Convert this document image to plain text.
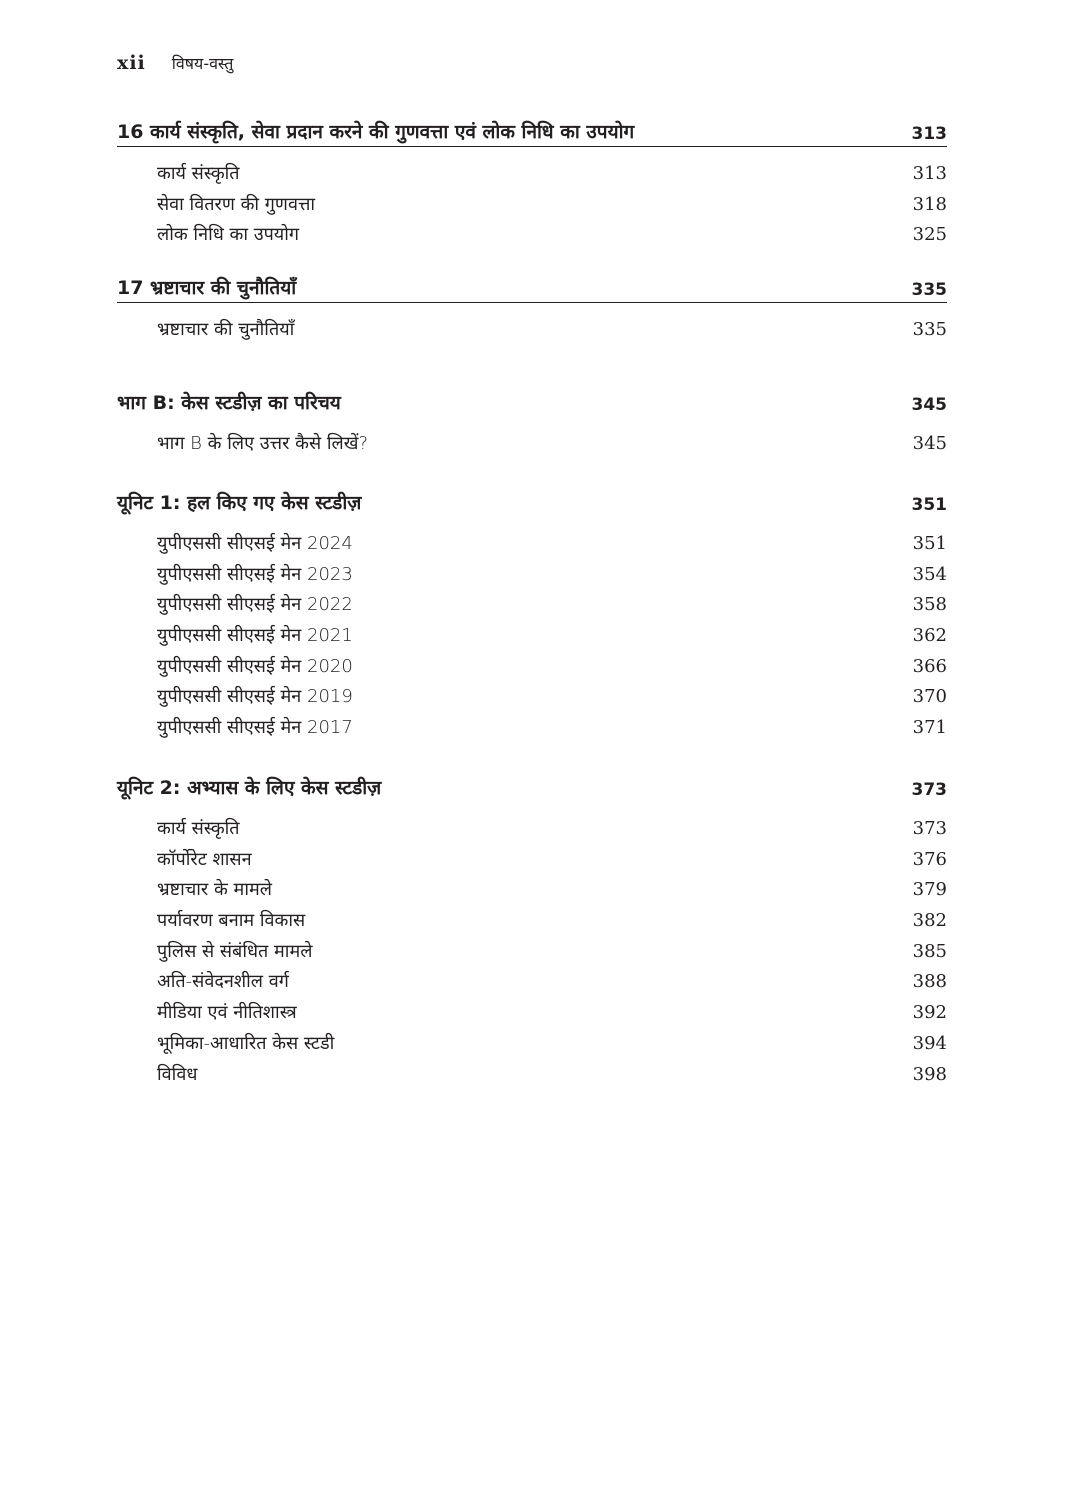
xii विषय-वस्तु
16 कार्य संस्कृति, सेवा प्रदान करने की गुणवत्ता एवं लोक निधि का उपयोग	313
कार्य संस्कृति	313
सेवा वितरण की गुणवत्ता	318
लोक निधि का उपयोग	325
17 भ्रष्टाचार की चुनौतियाँ	335
भ्रष्टाचार की चुनौतियाँ	335
भाग B: केस स्टडीज़ का परिचय	345
भाग B के लिए उत्तर कैसे लिखें?	345
यूनिट 1: हल किए गए केस स्टडीज़	351
युपीएससी सीएसई मेन 2024	351
युपीएससी सीएसई मेन 2023	354
युपीएससी सीएसई मेन 2022	358
युपीएससी सीएसई मेन 2021	362
युपीएससी सीएसई मेन 2020	366
युपीएससी सीएसई मेन 2019	370
युपीएससी सीएसई मेन 2017	371
यूनिट 2: अभ्यास के लिए केस स्टडीज़	373
कार्य संस्कृति	373
कॉर्पोरेट शासन	376
भ्रष्टाचार के मामले	379
पर्यावरण बनाम विकास	382
पुलिस से संबंधित मामले	385
अति-संवेदनशील वर्ग	388
मीडिया एवं नीतिशास्त्र	392
भूमिका-आधारित केस स्टडी	394
विविध	398
